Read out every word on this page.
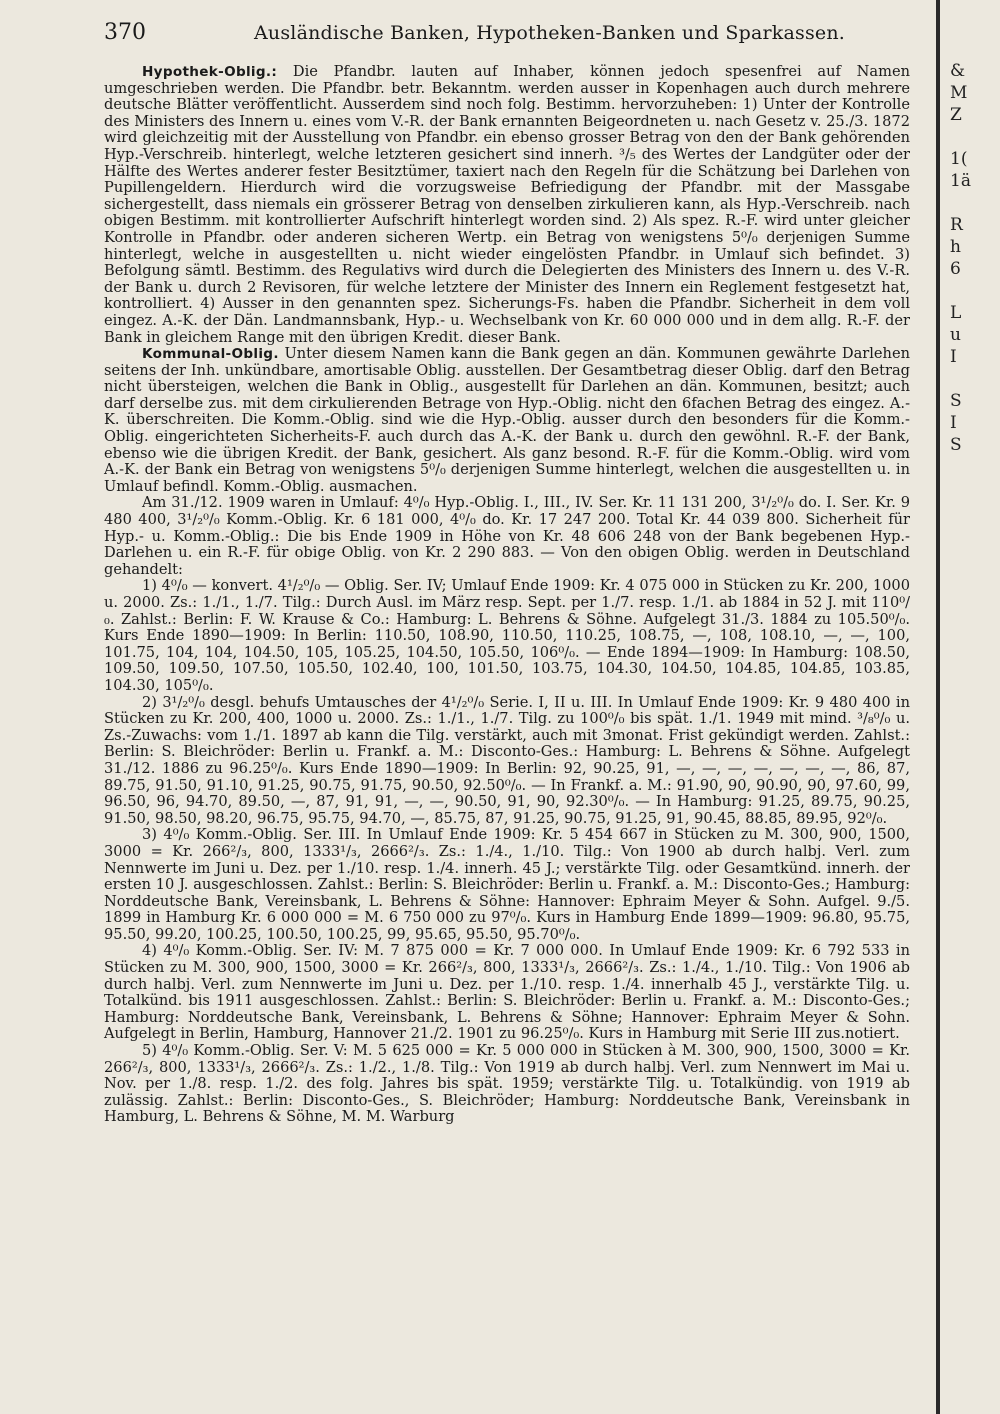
370	Ausländische Banken, Hypotheken-Banken und Sparkassen.

Hypothek-Oblig.: Die Pfandbr. lauten auf Inhaber, können jedoch spesenfrei auf Namen umgeschrieben werden. Die Pfandbr. betr. Bekanntm. werden ausser in Kopenhagen auch durch mehrere deutsche Blätter veröffentlicht. Ausserdem sind noch folg. Bestimm. hervorzuheben: 1) Unter der Kontrolle des Ministers des Innern u. eines vom V.-R. der Bank ernannten Beigeordneten u. nach Gesetz v. 25./3. 1872 wird gleichzeitig mit der Ausstellung von Pfandbr. ein ebenso grosser Betrag von den der Bank gehörenden Hyp.-Verschreib. hinterlegt, welche letzteren gesichert sind innerh. ³/₅ des Wertes der Landgüter oder der Hälfte des Wertes anderer fester Besitztümer, taxiert nach den Regeln für die Schätzung bei Darlehen von Pupillengeldern. Hierdurch wird die vorzugsweise Befriedigung der Pfandbr. mit der Massgabe sichergestellt, dass niemals ein grösserer Betrag von denselben zirkulieren kann, als Hyp.-Verschreib. nach obigen Bestimm. mit kontrollierter Aufschrift hinterlegt worden sind. 2) Als spez. R.-F. wird unter gleicher Kontrolle in Pfandbr. oder anderen sicheren Wertp. ein Betrag von wenigstens 5⁰/₀ derjenigen Summe hinterlegt, welche in ausgestellten u. nicht wieder eingelösten Pfandbr. in Umlauf sich befindet. 3) Befolgung sämtl. Bestimm. des Regulativs wird durch die Delegierten des Ministers des Innern u. des V.-R. der Bank u. durch 2 Revisoren, für welche letztere der Minister des Innern ein Reglement festgesetzt hat, kontrolliert. 4) Ausser in den genannten spez. Sicherungs-Fs. haben die Pfandbr. Sicherheit in dem voll eingez. A.-K. der Dän. Landmannsbank, Hyp.- u. Wechselbank von Kr. 60 000 000 und in dem allg. R.-F. der Bank in gleichem Range mit den übrigen Kredit. dieser Bank.

Kommunal-Oblig. Unter diesem Namen kann die Bank gegen an dän. Kommunen gewährte Darlehen seitens der Inh. unkündbare, amortisable Oblig. ausstellen. Der Gesamtbetrag dieser Oblig. darf den Betrag nicht übersteigen, welchen die Bank in Oblig., ausgestellt für Darlehen an dän. Kommunen, besitzt; auch darf derselbe zus. mit dem cirkulierenden Betrage von Hyp.-Oblig. nicht den 6fachen Betrag des eingez. A.-K. überschreiten. Die Komm.-Oblig. sind wie die Hyp.-Oblig. ausser durch den besonders für die Komm.-Oblig. eingerichteten Sicherheits-F. auch durch das A.-K. der Bank u. durch den gewöhnl. R.-F. der Bank, ebenso wie die übrigen Kredit. der Bank, gesichert. Als ganz besond. R.-F. für die Komm.-Oblig. wird vom A.-K. der Bank ein Betrag von wenigstens 5⁰/₀ derjenigen Summe hinterlegt, welchen die ausgestellten u. in Umlauf befindl. Komm.-Oblig. ausmachen.

Am 31./12. 1909 waren in Umlauf: 4⁰/₀ Hyp.-Oblig. I., III., IV. Ser. Kr. 11 131 200, 3¹/₂⁰/₀ do. I. Ser. Kr. 9 480 400, 3¹/₂⁰/₀ Komm.-Oblig. Kr. 6 181 000, 4⁰/₀ do. Kr. 17 247 200. Total Kr. 44 039 800. Sicherheit für Hyp.- u. Komm.-Oblig.: Die bis Ende 1909 in Höhe von Kr. 48 606 248 von der Bank begebenen Hyp.-Darlehen u. ein R.-F. für obige Oblig. von Kr. 2 290 883. — Von den obigen Oblig. werden in Deutschland gehandelt:

1) 4⁰/₀ — konvert. 4¹/₂⁰/₀ — Oblig. Ser. IV; Umlauf Ende 1909: Kr. 4 075 000 in Stücken zu Kr. 200, 1000 u. 2000. Zs.: 1./1., 1./7. Tilg.: Durch Ausl. im März resp. Sept. per 1./7. resp. 1./1. ab 1884 in 52 J. mit 110⁰/₀. Zahlst.: Berlin: F. W. Krause & Co.: Hamburg: L. Behrens & Söhne. Aufgelegt 31./3. 1884 zu 105.50⁰/₀. Kurs Ende 1890—1909: In Berlin: 110.50, 108.90, 110.50, 110.25, 108.75, —, 108, 108.10, —, —, 100, 101.75, 104, 104, 104.50, 105, 105.25, 104.50, 105.50, 106⁰/₀. — Ende 1894—1909: In Hamburg: 108.50, 109.50, 109.50, 107.50, 105.50, 102.40, 100, 101.50, 103.75, 104.30, 104.50, 104.85, 104.85, 103.85, 104.30, 105⁰/₀.

2) 3¹/₂⁰/₀ desgl. behufs Umtausches der 4¹/₂⁰/₀ Serie. I, II u. III. In Umlauf Ende 1909: Kr. 9 480 400 in Stücken zu Kr. 200, 400, 1000 u. 2000. Zs.: 1./1., 1./7. Tilg. zu 100⁰/₀ bis spät. 1./1. 1949 mit mind. ³/₈⁰/₀ u. Zs.-Zuwachs: vom 1./1. 1897 ab kann die Tilg. verstärkt, auch mit 3monat. Frist gekündigt werden. Zahlst.: Berlin: S. Bleichröder: Berlin u. Frankf. a. M.: Disconto-Ges.: Hamburg: L. Behrens & Söhne. Aufgelegt 31./12. 1886 zu 96.25⁰/₀. Kurs Ende 1890—1909: In Berlin: 92, 90.25, 91, —, —, —, —, —, —, —, 86, 87, 89.75, 91.50, 91.10, 91.25, 90.75, 91.75, 90.50, 92.50⁰/₀. — In Frankf. a. M.: 91.90, 90, 90.90, 90, 97.60, 99, 96.50, 96, 94.70, 89.50, —, 87, 91, 91, —, —, 90.50, 91, 90, 92.30⁰/₀. — In Hamburg: 91.25, 89.75, 90.25, 91.50, 98.50, 98.20, 96.75, 95.75, 94.70, —, 85.75, 87, 91.25, 90.75, 91.25, 91, 90.45, 88.85, 89.95, 92⁰/₀.

3) 4⁰/₀ Komm.-Oblig. Ser. III. In Umlauf Ende 1909: Kr. 5 454 667 in Stücken zu M. 300, 900, 1500, 3000 = Kr. 266²/₃, 800, 1333¹/₃, 2666²/₃. Zs.: 1./4., 1./10. Tilg.: Von 1900 ab durch halbj. Verl. zum Nennwerte im Juni u. Dez. per 1./10. resp. 1./4. innerh. 45 J.; verstärkte Tilg. oder Gesamtkünd. innerh. der ersten 10 J. ausgeschlossen. Zahlst.: Berlin: S. Bleichröder: Berlin u. Frankf. a. M.: Disconto-Ges.; Hamburg: Norddeutsche Bank, Vereinsbank, L. Behrens & Söhne: Hannover: Ephraim Meyer & Sohn. Aufgel. 9./5. 1899 in Hamburg Kr. 6 000 000 = M. 6 750 000 zu 97⁰/₀. Kurs in Hamburg Ende 1899—1909: 96.80, 95.75, 95.50, 99.20, 100.25, 100.50, 100.25, 99, 95.65, 95.50, 95.70⁰/₀.

4) 4⁰/₀ Komm.-Oblig. Ser. IV: M. 7 875 000 = Kr. 7 000 000. In Umlauf Ende 1909: Kr. 6 792 533 in Stücken zu M. 300, 900, 1500, 3000 = Kr. 266²/₃, 800, 1333¹/₃, 2666²/₃. Zs.: 1./4., 1./10. Tilg.: Von 1906 ab durch halbj. Verl. zum Nennwerte im Juni u. Dez. per 1./10. resp. 1./4. innerhalb 45 J., verstärkte Tilg. u. Totalkünd. bis 1911 ausgeschlossen. Zahlst.: Berlin: S. Bleichröder: Berlin u. Frankf. a. M.: Disconto-Ges.; Hamburg: Norddeutsche Bank, Vereinsbank, L. Behrens & Söhne; Hannover: Ephraim Meyer & Sohn. Aufgelegt in Berlin, Hamburg, Hannover 21./2. 1901 zu 96.25⁰/₀. Kurs in Hamburg mit Serie III zus.notiert.

5) 4⁰/₀ Komm.-Oblig. Ser. V: M. 5 625 000 = Kr. 5 000 000 in Stücken à M. 300, 900, 1500, 3000 = Kr. 266²/₃, 800, 1333¹/₃, 2666²/₃. Zs.: 1./2., 1./8. Tilg.: Von 1919 ab durch halbj. Verl. zum Nennwert im Mai u. Nov. per 1./8. resp. 1./2. des folg. Jahres bis spät. 1959; verstärkte Tilg. u. Totalkündig. von 1919 ab zulässig. Zahlst.: Berlin: Disconto-Ges., S. Bleichröder; Hamburg: Norddeutsche Bank, Vereinsbank in Hamburg, L. Behrens & Söhne, M. M. Warburg

&
M
Z

1(
1ä

R
h
6

L
u
I

S
I
S
